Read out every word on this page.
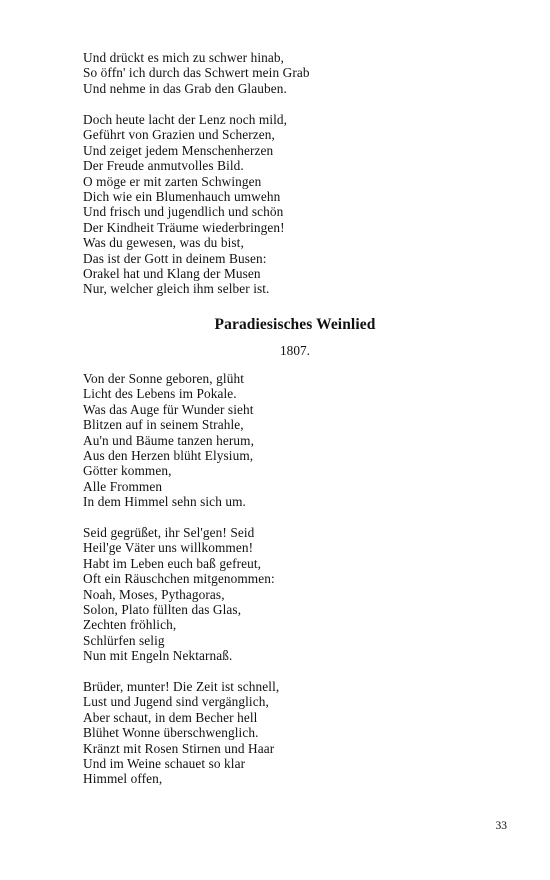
Und drückt es mich zu schwer hinab,
So öffn' ich durch das Schwert mein Grab
Und nehme in das Grab den Glauben.
Doch heute lacht der Lenz noch mild,
Geführt von Grazien und Scherzen,
Und zeiget jedem Menschenherzen
Der Freude anmutvolles Bild.
O möge er mit zarten Schwingen
Dich wie ein Blumenhauch umwehn
Und frisch und jugendlich und schön
Der Kindheit Träume wiederbringen!
Was du gewesen, was du bist,
Das ist der Gott in deinem Busen:
Orakel hat und Klang der Musen
Nur, welcher gleich ihm selber ist.
Paradiesisches Weinlied
1807.
Von der Sonne geboren, glüht
Licht des Lebens im Pokale.
Was das Auge für Wunder sieht
Blitzen auf in seinem Strahle,
Au'n und Bäume tanzen herum,
Aus den Herzen blüht Elysium,
Götter kommen,
Alle Frommen
In dem Himmel sehn sich um.
Seid gegrüßet, ihr Sel'gen! Seid
Heil'ge Väter uns willkommen!
Habt im Leben euch baß gefreut,
Oft ein Räuschchen mitgenommen:
Noah, Moses, Pythagoras,
Solon, Plato füllten das Glas,
Zechten fröhlich,
Schlürfen selig
Nun mit Engeln Nektarnaß.
Brüder, munter! Die Zeit ist schnell,
Lust und Jugend sind vergänglich,
Aber schaut, in dem Becher hell
Blühet Wonne überschwenglich.
Kränzt mit Rosen Stirnen und Haar
Und im Weine schauet so klar
Himmel offen,
33
